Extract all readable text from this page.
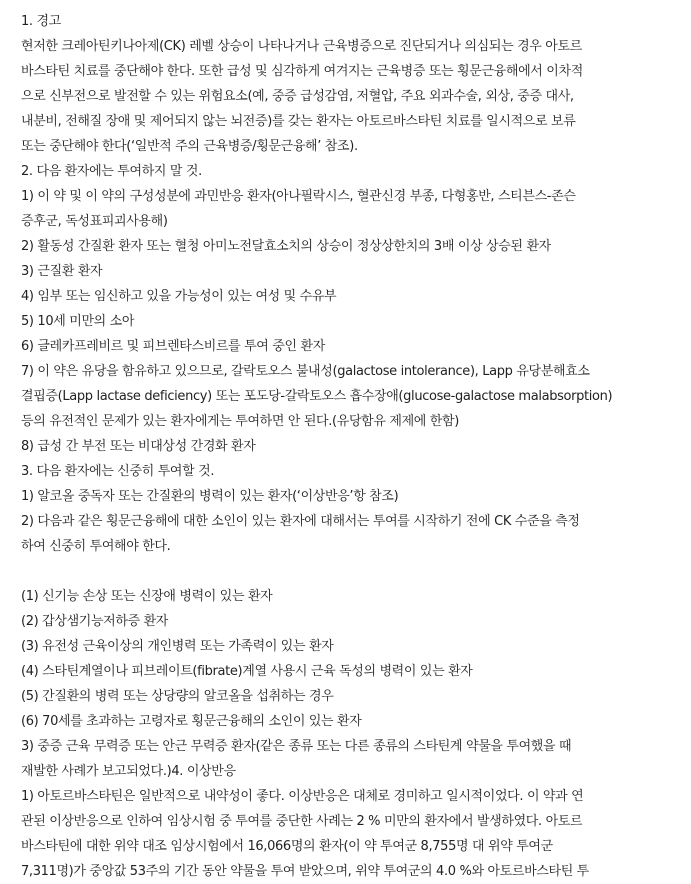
1. 경고
현저한 크레아틴키나아제(CK) 레벨 상승이 나타나거나 근육병증으로 진단되거나 의심되는 경우 아토르
바스타틴 치료를 중단해야 한다. 또한 급성 및 심각하게 여겨지는 근육병증 또는 횡문근융해에서 이차적
으로 신부전으로 발전할 수 있는 위험요소(예, 중증 급성감염, 저혈압, 주요 외과수술, 외상, 중증 대사,
내분비, 전해질 장애 및 제어되지 않는 뇌전증)를 갖는 환자는 아토르바스타틴 치료를 일시적으로 보류
또는 중단해야 한다(‘일반적 주의 근육병증/횡문근융해’ 참조).
2. 다음 환자에는 투여하지 말 것.
1) 이 약 및 이 약의 구성성분에 과민반응 환자(아나필락시스, 혈관신경 부종, 다형홍반, 스티븐스-존슨
증후군, 독성표피괴사용해)
2) 활동성 간질환 환자 또는 혈청 아미노전달효소치의 상승이 정상상한치의 3배 이상 상승된 환자
3) 근질환 환자
4) 임부 또는 임신하고 있을 가능성이 있는 여성 및 수유부
5) 10세 미만의 소아
6) 글레카프레비르 및 피브렌타스비르를 투여 중인 환자
7) 이 약은 유당을 함유하고 있으므로, 갈락토오스 불내성(galactose intolerance), Lapp 유당분해효소
결핍증(Lapp lactase deficiency) 또는 포도당-갈락토오스 흡수장애(glucose-galactose malabsorption)
등의 유전적인 문제가 있는 환자에게는 투여하면 안 된다.(유당함유 제제에 한함)
8) 급성 간 부전 또는 비대상성 간경화 환자
3. 다음 환자에는 신중히 투여할 것.
1) 알코올 중독자 또는 간질환의 병력이 있는 환자(‘이상반응’항 참조)
2) 다음과 같은 횡문근융해에 대한 소인이 있는 환자에 대해서는 투여를 시작하기 전에 CK 수준을 측정
하여 신중히 투여해야 한다.
(1) 신기능 손상 또는 신장애 병력이 있는 환자
(2) 갑상샘기능저하증 환자
(3) 유전성 근육이상의 개인병력 또는 가족력이 있는 환자
(4) 스타틴계열이나 피브레이트(fibrate)계열 사용시 근육 독성의 병력이 있는 환자
(5) 간질환의 병력 또는 상당량의 알코올을 섭취하는 경우
(6) 70세를 초과하는 고령자로 횡문근융해의 소인이 있는 환자
3) 중증 근육 무력증 또는 안근 무력증 환자(같은 종류 또는 다른 종류의 스타틴계 약물을 투여했을 때
재발한 사례가 보고되었다.)4. 이상반응
1) 아토르바스타틴은 일반적으로 내약성이 좋다. 이상반응은 대체로 경미하고 일시적이었다. 이 약과 연
관된 이상반응으로 인하여 임상시험 중 투여를 중단한 사례는 2 % 미만의 환자에서 발생하였다. 아토르
바스타틴에 대한 위약 대조 임상시험에서 16,066명의 환자(이 약 투여군 8,755명 대 위약 투여군
7,311명)가 중앙값 53주의 기간 동안 약물을 투여 받았으며, 위약 투여군의 4.0 %와 아토르바스타틴 투
